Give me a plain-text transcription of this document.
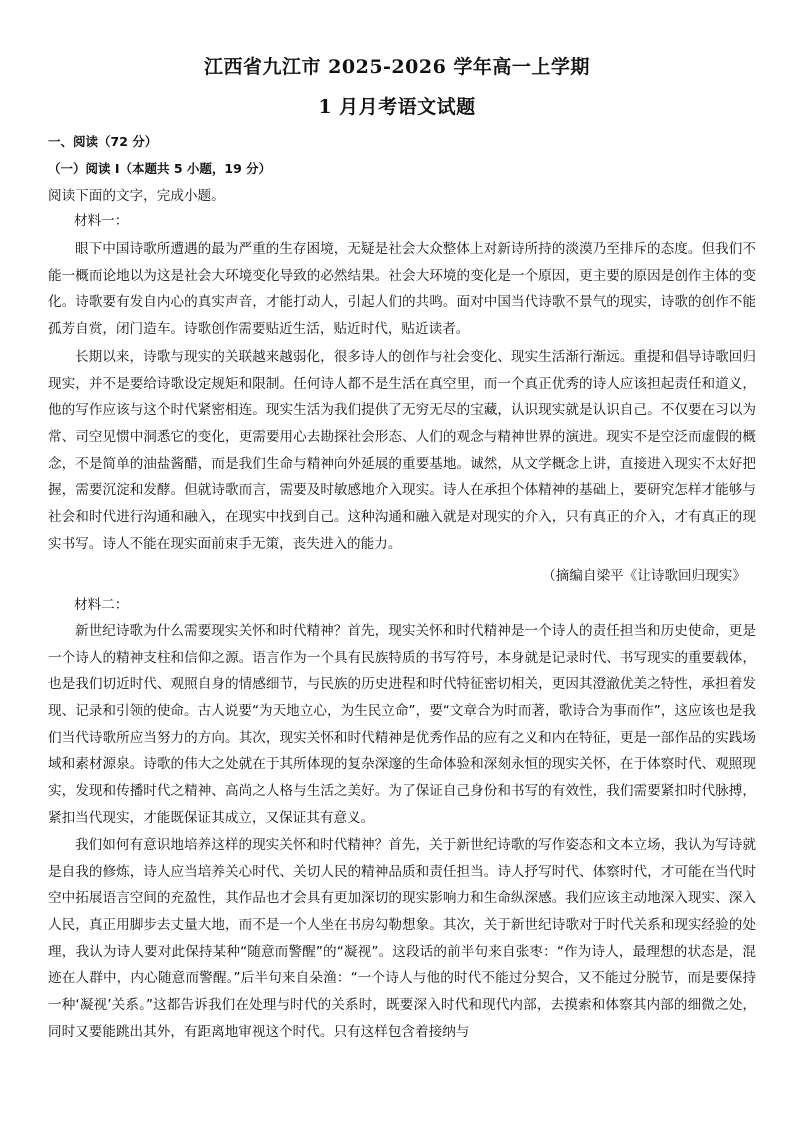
江西省九江市 2025-2026 学年高一上学期
1 月月考语文试题
一、阅读（72 分）
（一）阅读 I（本题共 5 小题，19 分）
阅读下面的文字，完成小题。
材料一：

眼下中国诗歌所遭遇的最为严重的生存困境，无疑是社会大众整体上对新诗所持的淡漠乃至排斥的态度。但我们不能一概而论地以为这是社会大环境变化导致的必然结果。社会大环境的变化是一个原因，更主要的原因是创作主体的变化。诗歌要有发自内心的真实声音，才能打动人，引起人们的共鸣。面对中国当代诗歌不景气的现实，诗歌的创作不能孤芳自赏，闭门造车。诗歌创作需要贴近生活，贴近时代，贴近读者。

长期以来，诗歌与现实的关联越来越弱化，很多诗人的创作与社会变化、现实生活渐行渐远。重提和倡导诗歌回归现实，并不是要给诗歌设定规矩和限制。任何诗人都不是生活在真空里，而一个真正优秀的诗人应该担起责任和道义，他的写作应该与这个时代紧密相连。现实生活为我们提供了无穷无尽的宝藏，认识现实就是认识自己。不仅要在习以为常、司空见惯中洞悉它的变化，更需要用心去勘探社会形态、人们的观念与精神世界的演进。现实不是空泛而虚假的概念，不是简单的油盐酱醋，而是我们生命与精神向外延展的重要基地。诚然，从文学概念上讲，直接进入现实不太好把握，需要沉淀和发酵。但就诗歌而言，需要及时敏感地介入现实。诗人在承担个体精神的基础上，要研究怎样才能够与社会和时代进行沟通和融入，在现实中找到自己。这种沟通和融入就是对现实的介入，只有真正的介入，才有真正的现实书写。诗人不能在现实面前束手无策，丧失进入的能力。

（摘编自梁平《让诗歌回归现实》
材料二：

新世纪诗歌为什么需要现实关怀和时代精神？首先，现实关怀和时代精神是一个诗人的责任担当和历史使命，更是一个诗人的精神支柱和信仰之源。语言作为一个具有民族特质的书写符号，本身就是记录时代、书写现实的重要载体，也是我们切近时代、观照自身的情感细节，与民族的历史进程和时代特征密切相关，更因其澄澈优美之特性，承担着发现、记录和引领的使命。古人说要“为天地立心，为生民立命”，要“文章合为时而著，歌诗合为事而作”，这应该也是我们当代诗歌所应当努力的方向。其次，现实关怀和时代精神是优秀作品的应有之义和内在特征，更是一部作品的实践场域和素材源泉。诗歌的伟大之处就在于其所体现的复杂深邃的生命体验和深刻永恒的现实关怀，在于体察时代、观照现实，发现和传播时代之精神、高尚之人格与生活之美好。为了保证自己身份和书写的有效性，我们需要紧扣时代脉搏，紧扣当代现实，才能既保证其成立，又保证其有意义。

我们如何有意识地培养这样的现实关怀和时代精神？首先，关于新世纪诗歌的写作姿态和文本立场，我认为写诗就是自我的修炼，诗人应当培养关心时代、关切人民的精神品质和责任担当。诗人抒写时代、体察时代，才可能在当代时空中拓展语言空间的充盈性，其作品也才会具有更加深切的现实影响力和生命纵深感。我们应该主动地深入现实、深入人民，真正用脚步去丈量大地，而不是一个人坐在书房勾勒想象。其次，关于新世纪诗歌对于时代关系和现实经验的处理，我认为诗人要对此保持某种“随意而警醒”的“凝视”。这段话的前半句来自张枣：“作为诗人，最理想的状态是，混迹在人群中，内心随意而警醒。”后半句来自朵渔：“一个诗人与他的时代不能过分契合，又不能过分脱节，而是要保持一种‘凝视’关系。”这都告诉我们在处理与时代的关系时，既要深入时代和现代内部，去摸索和体察其内部的细微之处，同时又要能跳出其外，有距离地审视这个时代。只有这样包含着接纳与
